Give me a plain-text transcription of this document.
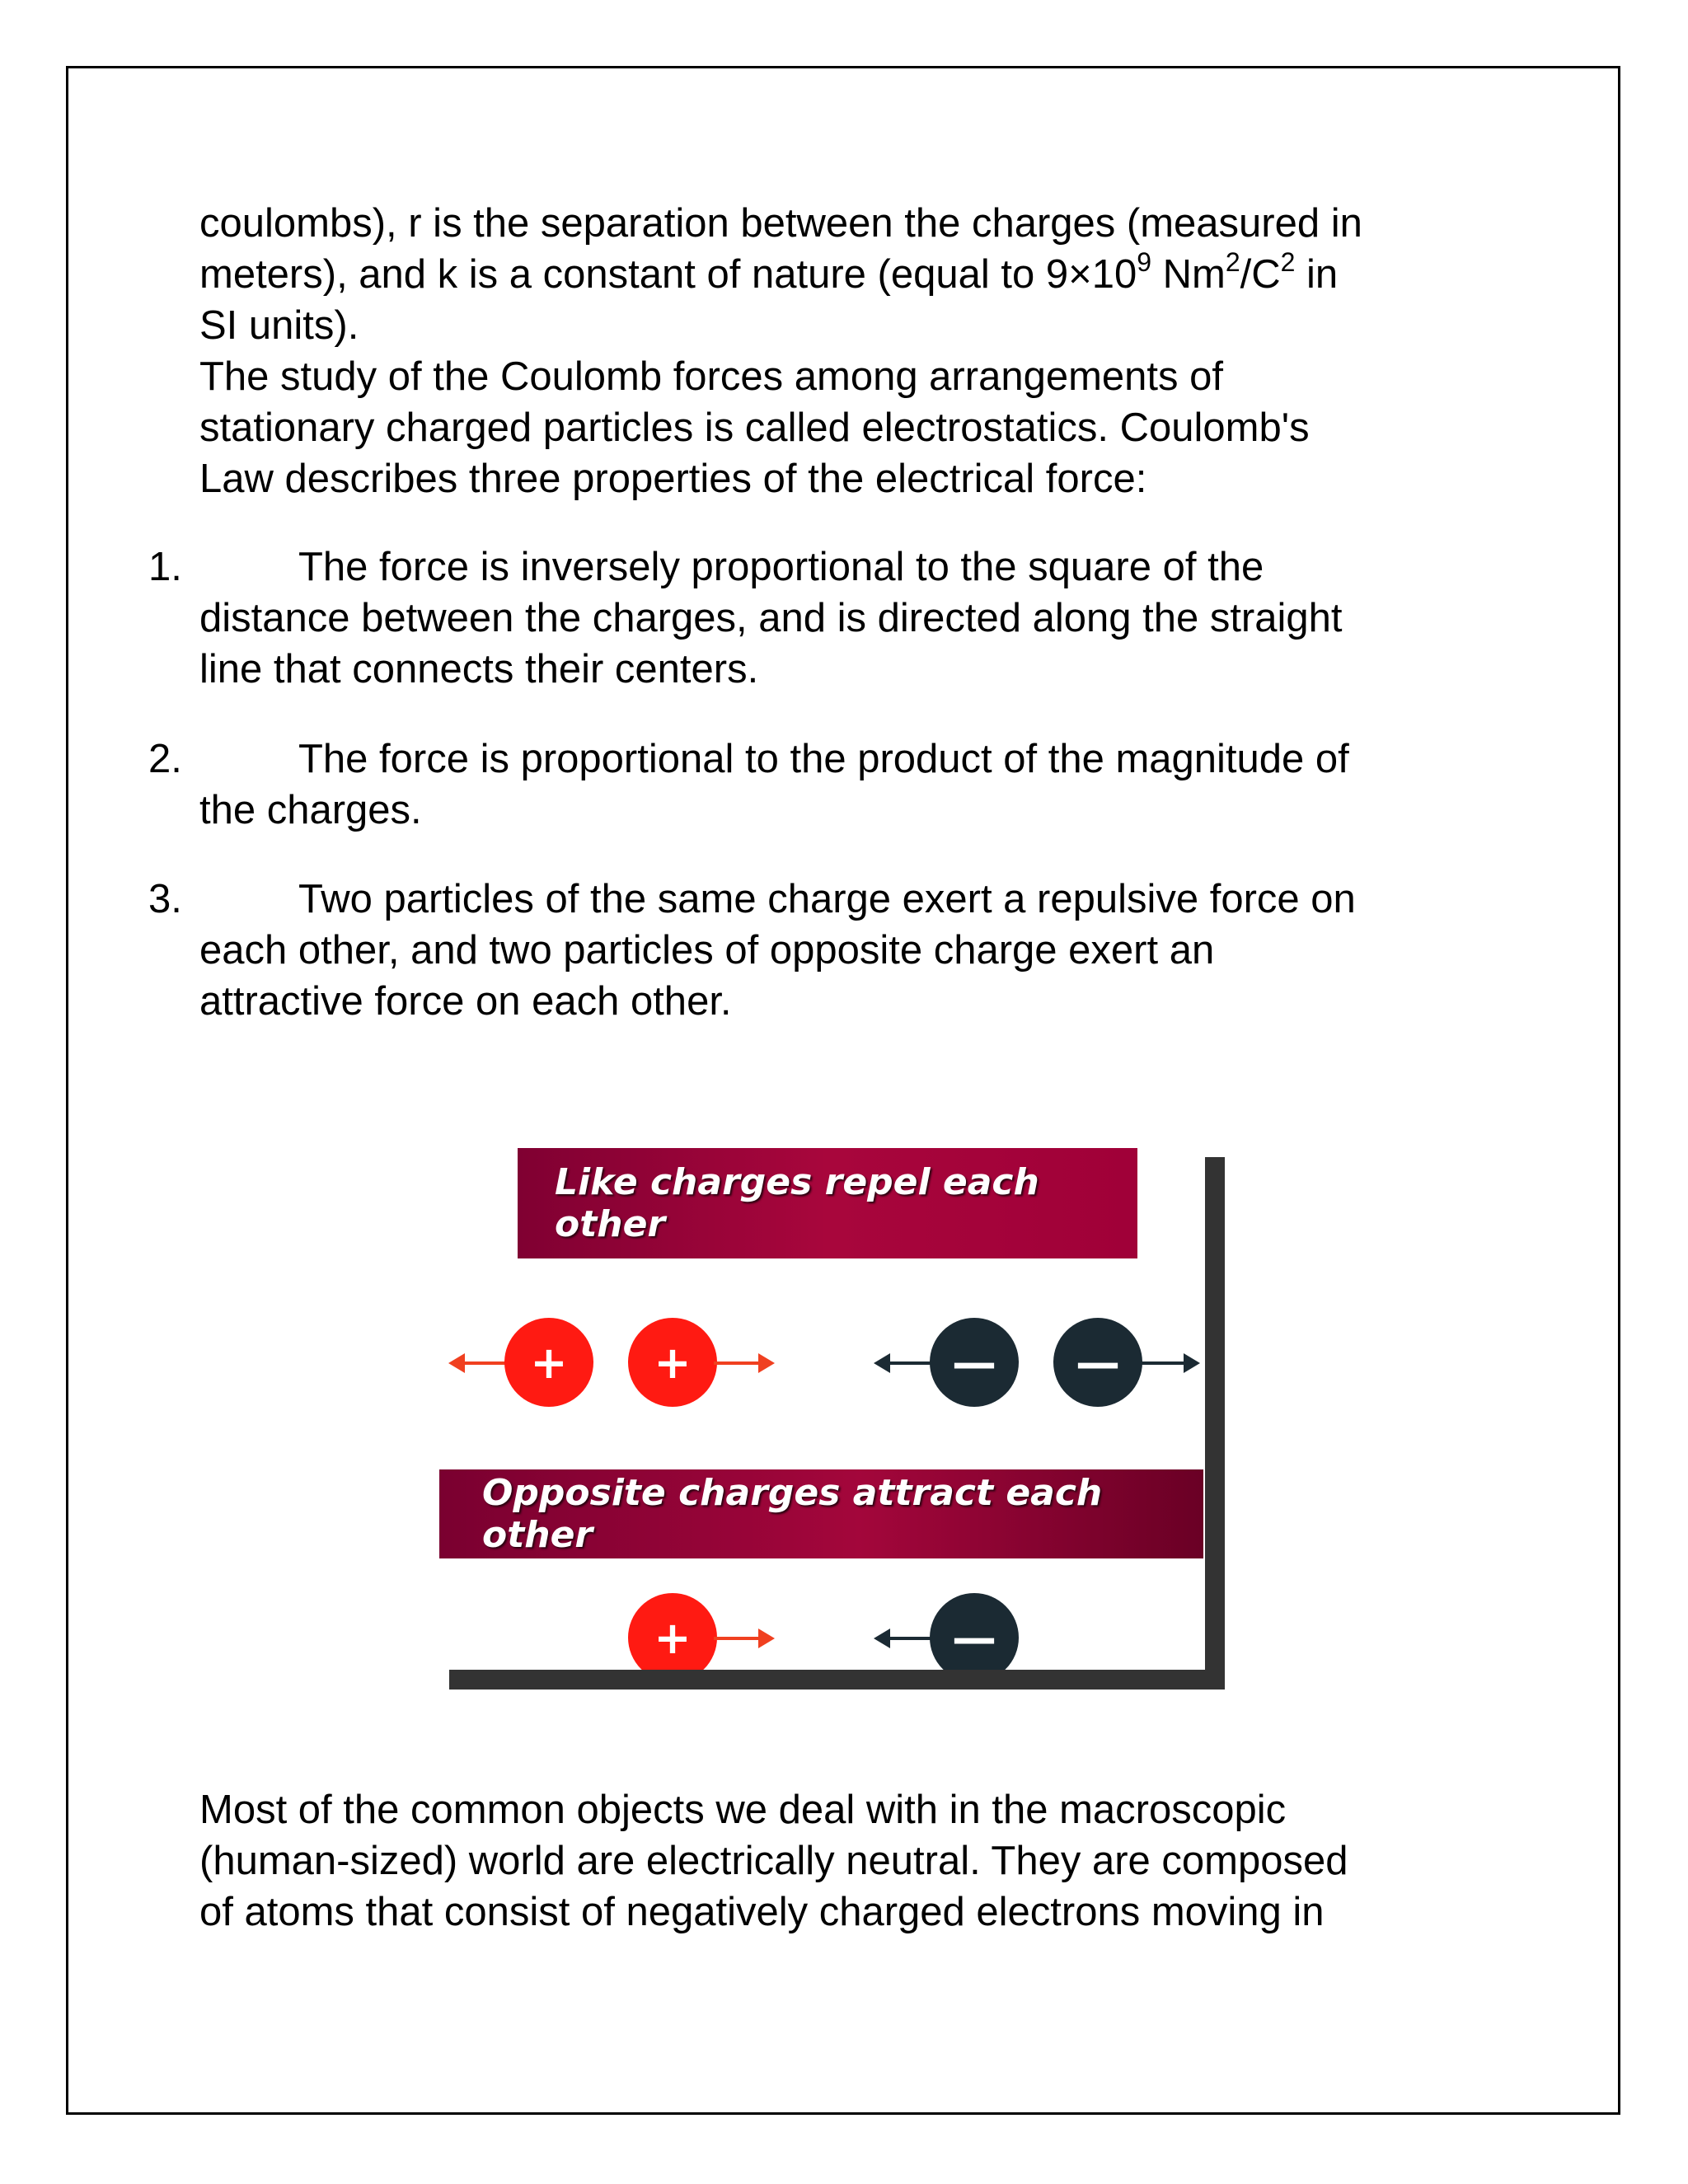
coulombs), r is the separation between the charges (measured in

meters), and k is a constant of nature (equal to $9\times 10^9$ $Nm^2/C^2$ in

SI units).

The study of the Coulomb forces among arrangements of

stationary charged particles is called electrostatics. Coulomb's

Law describes three properties of the electrical force:

1.	The force is inversely proportional to the square of the
distance between the charges, and is directed along the straight
line that connects their centers.
2.	The force is proportional to the product of the magnitude of
the charges.
3.	Two particles of the same charge exert a repulsive force on
each other, and two particles of opposite charge exert an
attractive force on each other.
Like charges repel each other
+	+	—	—
Opposite charges attract each other
+	—

Most of the common objects we deal with in the macroscopic

(human-sized) world are electrically neutral. They are composed

of atoms that consist of negatively charged electrons moving in
